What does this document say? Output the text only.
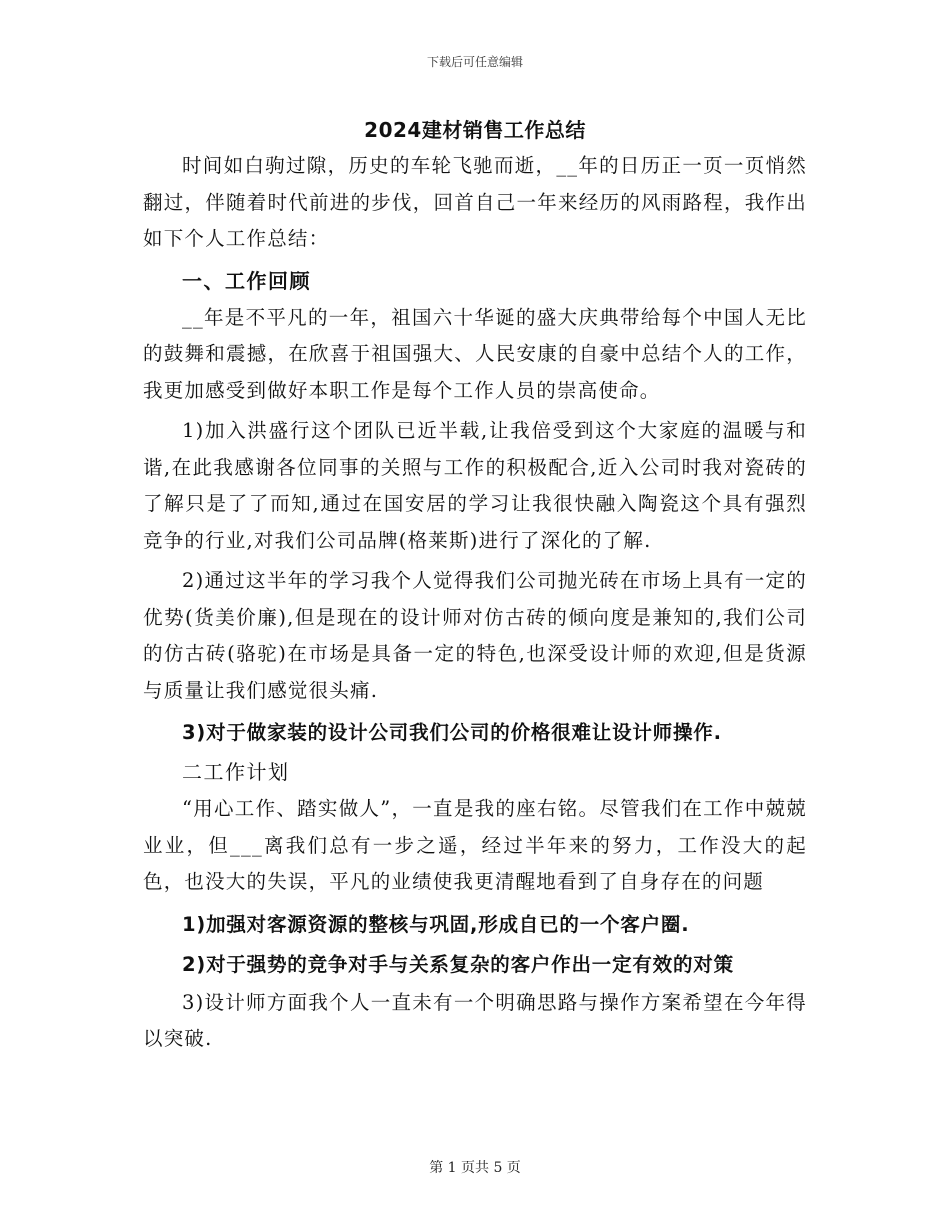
下载后可任意编辑
2024建材销售工作总结

时间如白驹过隙，历史的车轮飞驰而逝，__年的日历正一页一页悄然翻过，伴随着时代前进的步伐，回首自己一年来经历的风雨路程，我作出如下个人工作总结：

一、工作回顾

__年是不平凡的一年，祖国六十华诞的盛大庆典带给每个中国人无比的鼓舞和震撼，在欣喜于祖国强大、人民安康的自豪中总结个人的工作，我更加感受到做好本职工作是每个工作人员的崇高使命。

1)加入洪盛行这个团队已近半载,让我倍受到这个大家庭的温暖与和谐,在此我感谢各位同事的关照与工作的积极配合,近入公司时我对瓷砖的了解只是了了而知,通过在国安居的学习让我很快融入陶瓷这个具有强烈竞争的行业,对我们公司品牌(格莱斯)进行了深化的了解.

2)通过这半年的学习我个人觉得我们公司抛光砖在市场上具有一定的优势(货美价廉),但是现在的设计师对仿古砖的倾向度是兼知的,我们公司的仿古砖(骆驼)在市场是具备一定的特色,也深受设计师的欢迎,但是货源与质量让我们感觉很头痛.

3)对于做家装的设计公司我们公司的价格很难让设计师操作.

二工作计划

“用心工作、踏实做人”，一直是我的座右铭。尽管我们在工作中兢兢业业，但___离我们总有一步之遥，经过半年来的努力，工作没大的起色，也没大的失误，平凡的业绩使我更清醒地看到了自身存在的问题

1)加强对客源资源的整核与巩固,形成自已的一个客户圈.

2)对于强势的竞争对手与关系复杂的客户作出一定有效的对策

3)设计师方面我个人一直未有一个明确思路与操作方案希望在今年得以突破.

第 1 页共 5 页
